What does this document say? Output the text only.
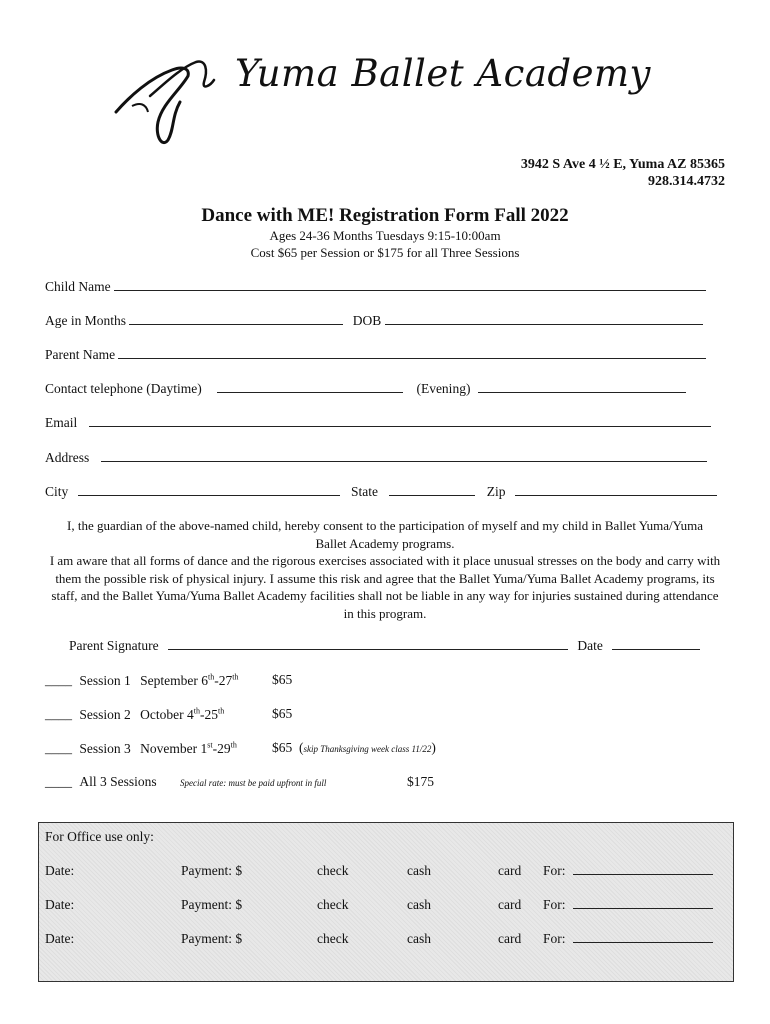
Yuma Ballet Academy
3942 S Ave 4 ½ E, Yuma AZ 85365
928.314.4732
Dance with ME! Registration Form Fall 2022
Ages 24-36 Months Tuesdays 9:15-10:00am
Cost $65 per Session or $175 for all Three Sessions
Child Name
Age in Months	DOB
Parent Name
Contact telephone (Daytime)	(Evening)
Email
Address
City	State	Zip
I, the guardian of the above-named child, hereby consent to the participation of myself and my child in Ballet Yuma/Yuma Ballet Academy programs.
I am aware that all forms of dance and the rigorous exercises associated with it place unusual stresses on the body and carry with them the possible risk of physical injury. I assume this risk and agree that the Ballet Yuma/Yuma Ballet Academy programs, its staff, and the Ballet Yuma/Yuma Ballet Academy facilities shall not be liable in any way for injuries sustained during attendance in this program.
Parent Signature	Date
____ Session 1 September 6th-27th $65
____ Session 2 October 4th-25th	$65
____ Session 3 November 1st-29th	$65 (skip Thanksgiving week class 11/22)
____ All 3 Sessions	Special rate: must be paid upfront in full	$175
For Office use only:
Date:	Payment: $	check	cash	card For:
Date:	Payment: $	check	cash	card For:
Date:	Payment: $	check	cash	card For:
